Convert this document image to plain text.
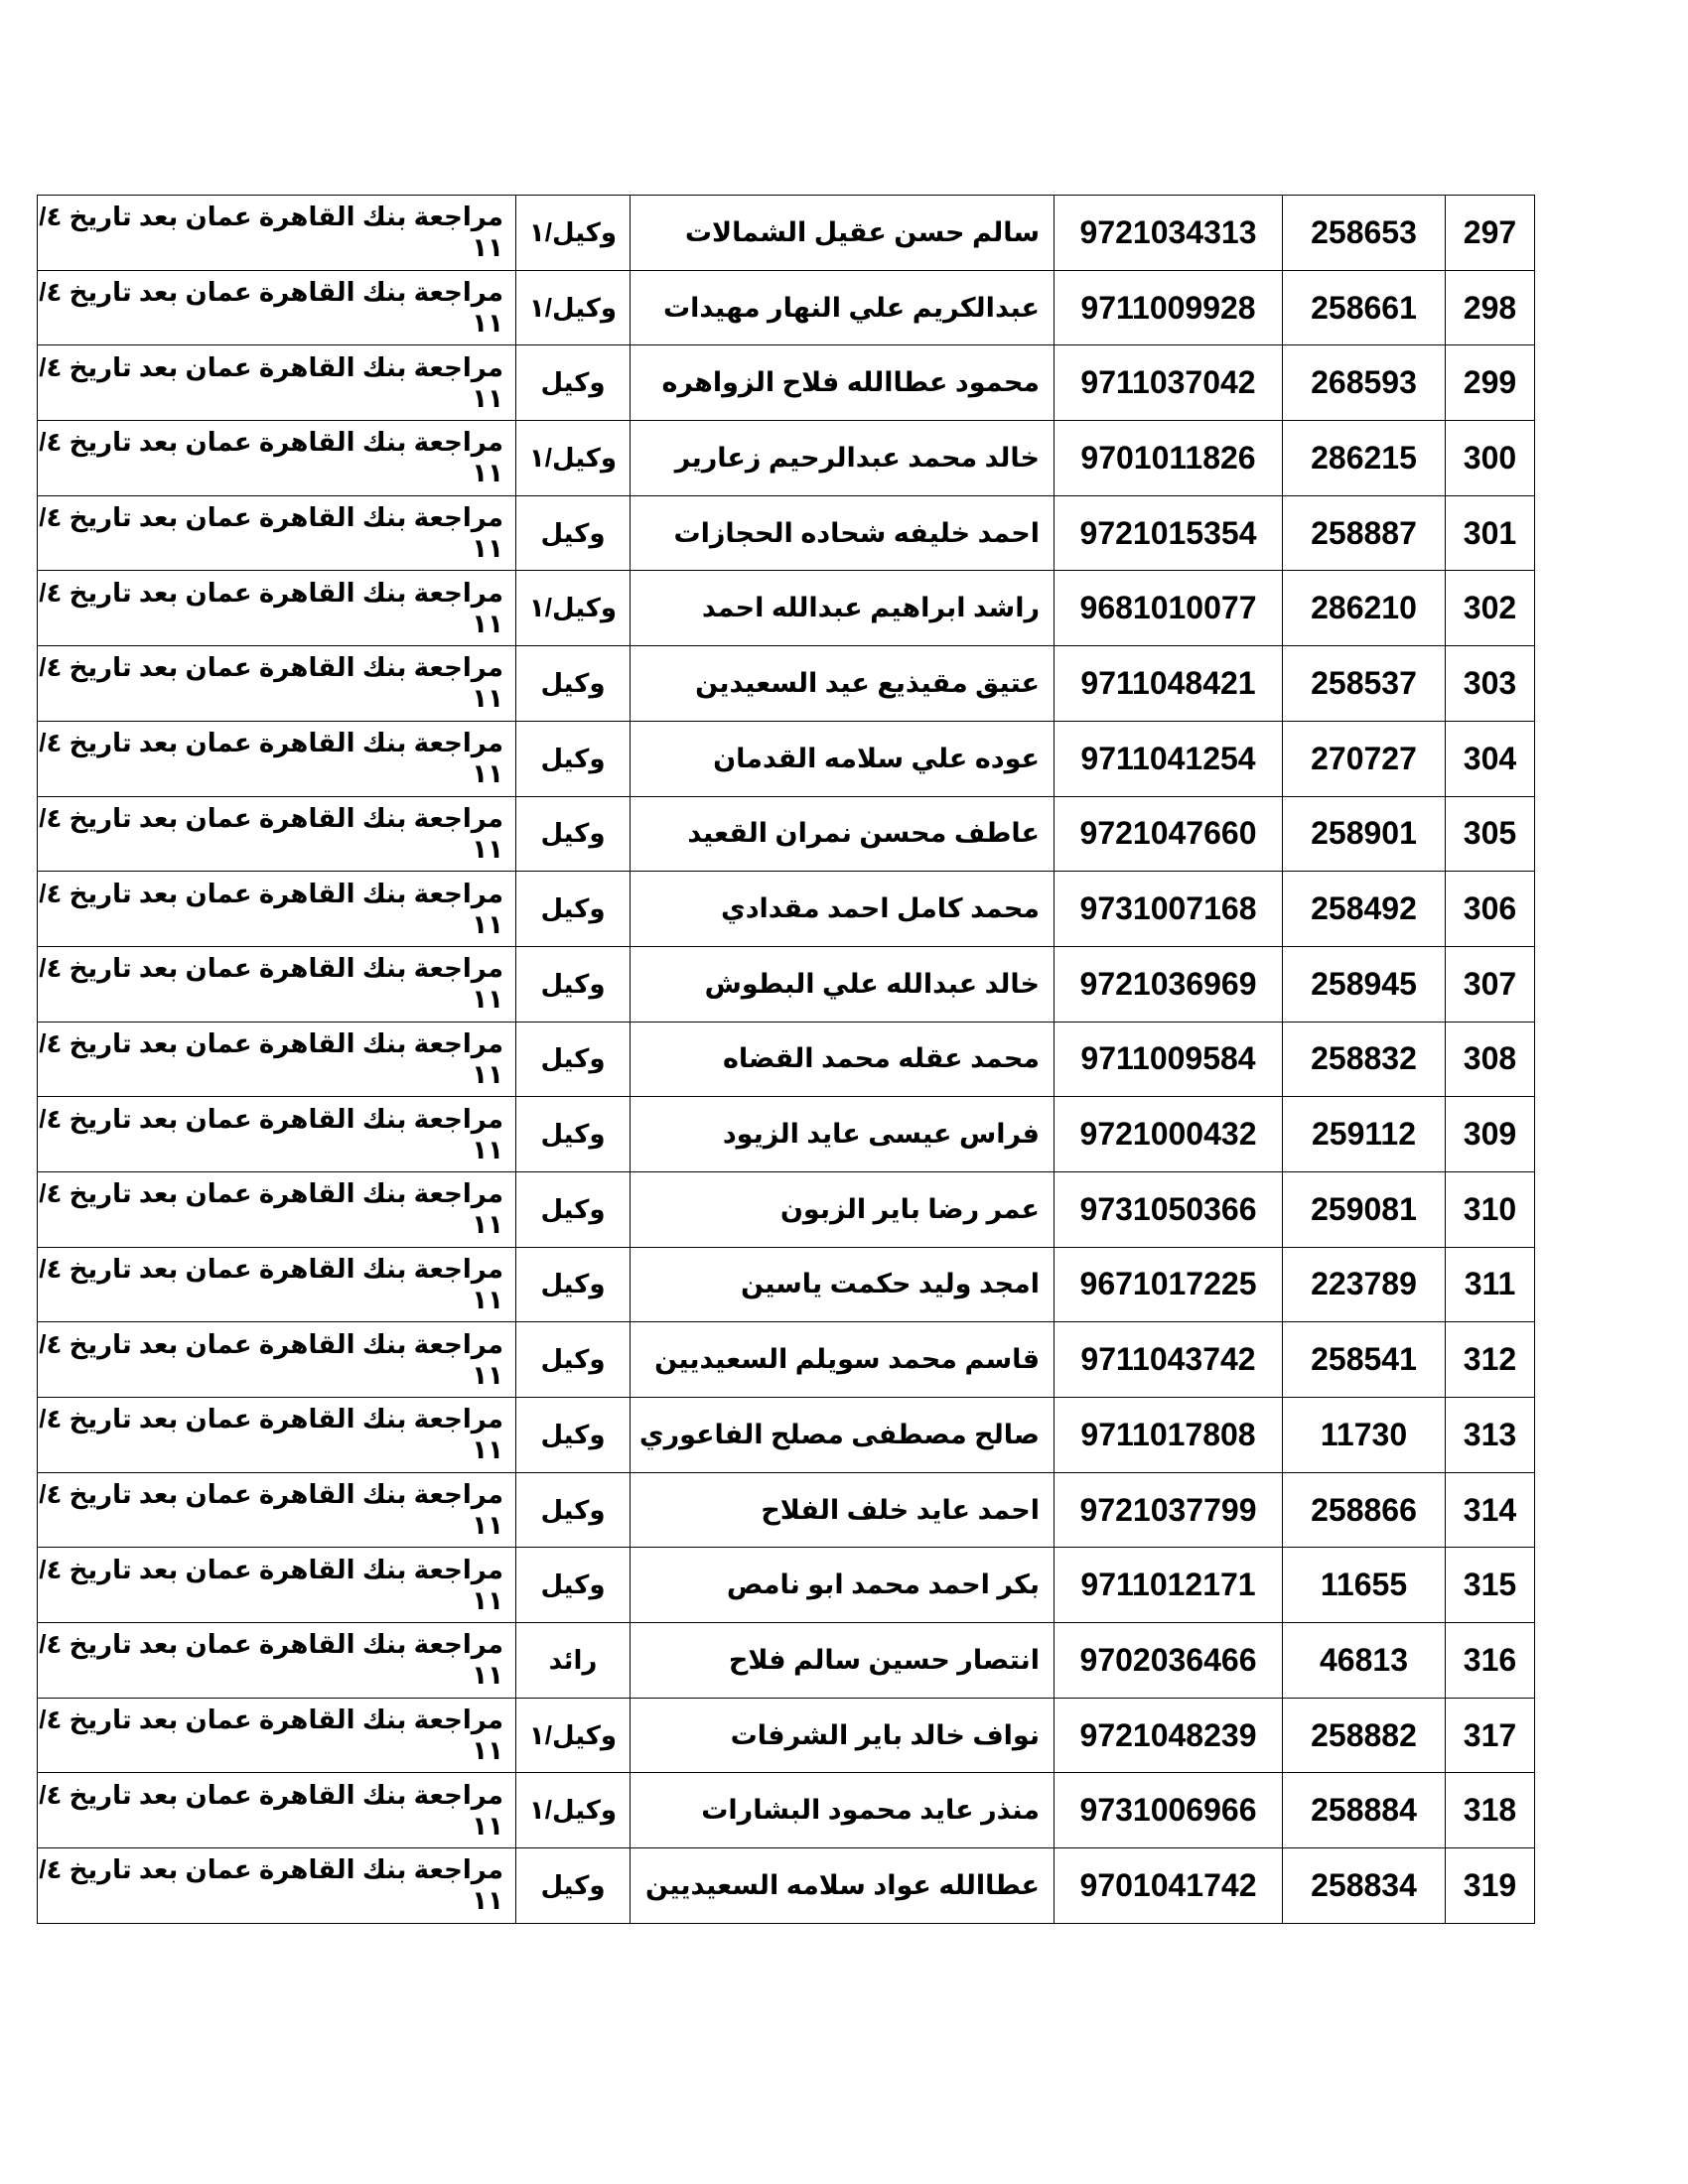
297	258653	9721034313	سالم حسن عقيل الشمالات	وكيل/١	مراجعة بنك القاهرة عمان بعد تاريخ ٤/
١١

298	258661	9711009928	عبدالكريم علي النهار مهيدات	وكيل/١	مراجعة بنك القاهرة عمان بعد تاريخ ٤/
١١

299	268593	9711037042	محمود عطاالله فلاح الزواهره	وكيل	مراجعة بنك القاهرة عمان بعد تاريخ ٤/
١١

300	286215	9701011826	خالد محمد عبدالرحيم زعارير	وكيل/١	مراجعة بنك القاهرة عمان بعد تاريخ ٤/
١١

301	258887	9721015354	احمد خليفه شحاده الحجازات	وكيل	مراجعة بنك القاهرة عمان بعد تاريخ ٤/
١١

302	286210	9681010077	راشد ابراهيم عبدالله احمد	وكيل/١	مراجعة بنك القاهرة عمان بعد تاريخ ٤/
١١

303	258537	9711048421	عتيق مقيذيع عيد السعيدين	وكيل	مراجعة بنك القاهرة عمان بعد تاريخ ٤/
١١

304	270727	9711041254	عوده علي سلامه القدمان	وكيل	مراجعة بنك القاهرة عمان بعد تاريخ ٤/
١١

305	258901	9721047660	عاطف محسن نمران القعيد	وكيل	مراجعة بنك القاهرة عمان بعد تاريخ ٤/
١١

306	258492	9731007168	محمد كامل احمد مقدادي	وكيل	مراجعة بنك القاهرة عمان بعد تاريخ ٤/
١١

307	258945	9721036969	خالد عبدالله علي البطوش	وكيل	مراجعة بنك القاهرة عمان بعد تاريخ ٤/
١١

308	258832	9711009584	محمد عقله محمد القضاه	وكيل	مراجعة بنك القاهرة عمان بعد تاريخ ٤/
١١

309	259112	9721000432	فراس عيسى عايد الزيود	وكيل	مراجعة بنك القاهرة عمان بعد تاريخ ٤/
١١

310	259081	9731050366	عمر رضا باير الزبون	وكيل	مراجعة بنك القاهرة عمان بعد تاريخ ٤/
١١

311	223789	9671017225	امجد وليد حكمت ياسين	وكيل	مراجعة بنك القاهرة عمان بعد تاريخ ٤/
١١

312	258541	9711043742	قاسم محمد سويلم السعيديين	وكيل	مراجعة بنك القاهرة عمان بعد تاريخ ٤/
١١

313	11730	9711017808	صالح مصطفى مصلح الفاعوري	وكيل	مراجعة بنك القاهرة عمان بعد تاريخ ٤/
١١

314	258866	9721037799	احمد عايد خلف الفلاح	وكيل	مراجعة بنك القاهرة عمان بعد تاريخ ٤/
١١

315	11655	9711012171	بكر احمد محمد ابو نامص	وكيل	مراجعة بنك القاهرة عمان بعد تاريخ ٤/
١١

316	46813	9702036466	انتصار حسين سالم فلاح	رائد	مراجعة بنك القاهرة عمان بعد تاريخ ٤/
١١

317	258882	9721048239	نواف خالد باير الشرفات	وكيل/١	مراجعة بنك القاهرة عمان بعد تاريخ ٤/
١١

318	258884	9731006966	منذر عايد محمود البشارات	وكيل/١	مراجعة بنك القاهرة عمان بعد تاريخ ٤/
١١

319	258834	9701041742	عطاالله عواد سلامه السعيديين	وكيل	مراجعة بنك القاهرة عمان بعد تاريخ ٤/
١١
